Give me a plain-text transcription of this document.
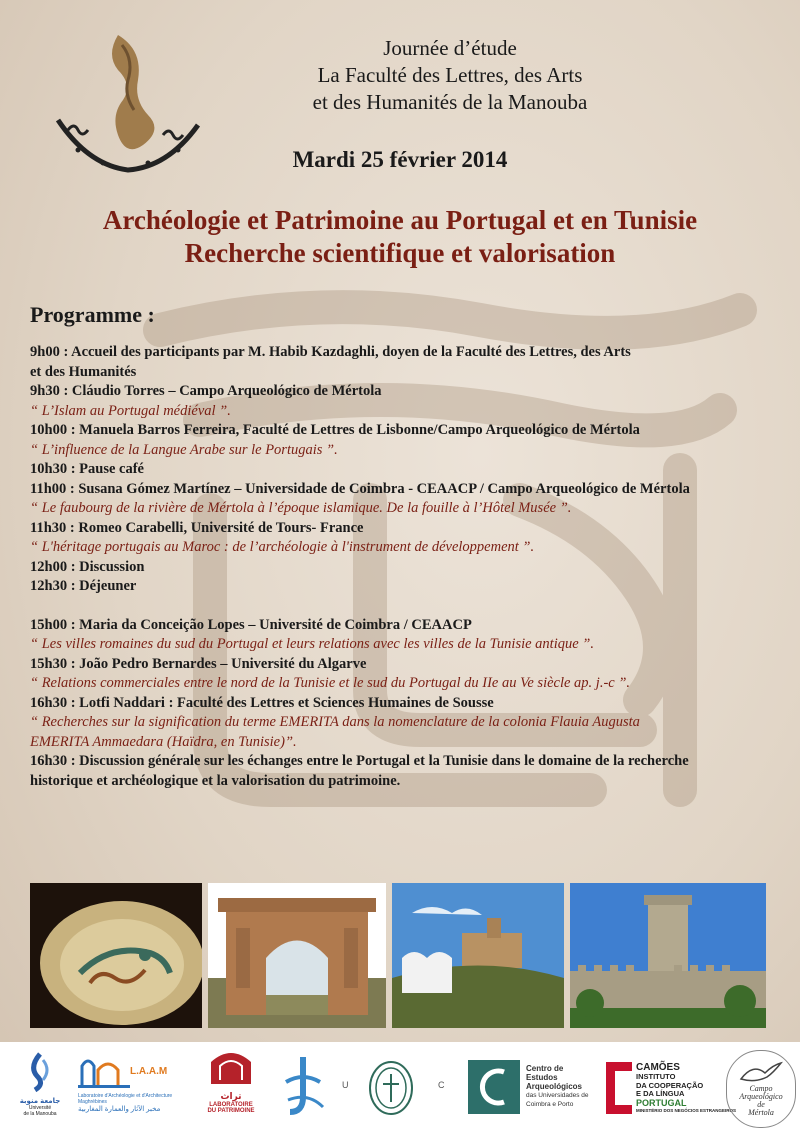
Journée d’étude
La Faculté des Lettres, des Arts
et des Humanités de la Manouba
Mardi 25 février 2014
Archéologie et Patrimoine au Portugal et en Tunisie
Recherche scientifique et valorisation
Programme :
9h00 : Accueil des participants par M. Habib Kazdaghli, doyen de la Faculté des Lettres, des Arts
et des Humanités
9h30 : Cláudio Torres – Campo Arqueológico de Mértola
“ L’Islam au Portugal médiéval ”.
10h00 : Manuela Barros Ferreira, Faculté de Lettres de Lisbonne/Campo Arqueológico de Mértola
“ L’influence de la Langue Arabe sur le Portugais ”.
10h30 : Pause café
11h00 : Susana Gómez Martínez – Universidade de Coimbra - CEAACP / Campo Arqueológico de Mértola
“ Le faubourg de la rivière de Mértola à l’époque islamique. De la fouille à l’Hôtel Musée ”.
11h30 : Romeo Carabelli, Université de Tours- France
“ L'héritage portugais au Maroc : de l’archéologie à l'instrument de développement ”.
12h00 : Discussion
12h30 : Déjeuner
15h00 : Maria da Conceição Lopes – Université de Coimbra / CEAACP
“ Les villes romaines du sud du Portugal et leurs relations avec les villes de la Tunisie antique ”.
15h30 : João Pedro Bernardes – Université du Algarve
“ Relations commerciales entre le nord de la Tunisie et le sud du Portugal du IIe au Ve siècle ap. j.-c ”.
16h30 : Lotfi Naddari : Faculté des Lettres et Sciences Humaines de Sousse
“ Recherches sur la signification du terme EMERITA dans la nomenclature de la colonia Flauia Augusta
EMERITA Ammaedara (Haïdra, en Tunisie)”.
16h30 : Discussion générale sur les échanges entre le Portugal et la Tunisie dans le domaine de la recherche
historique et archéologique et la valorisation du patrimoine.
جامعة منوبة
Université
de la Manouba
L.A.A.M
Laboratoire d'Archéologie et d'Architecture Maghrébines
مخبر الآثار والعمارة المغاربية
تراث
LABORATOIRE
DU PATRIMOINE
U	C
Centro de
Estudos
Arqueológicos
das Universidades de
Coimbra e Porto
CAMÕES
INSTITUTO
DA COOPERAÇÃO
E DA LÍNGUA
PORTUGAL
MINISTÉRIO DOS NEGÓCIOS ESTRANGEIROS
Campo
Arqueológico
de
Mértola
